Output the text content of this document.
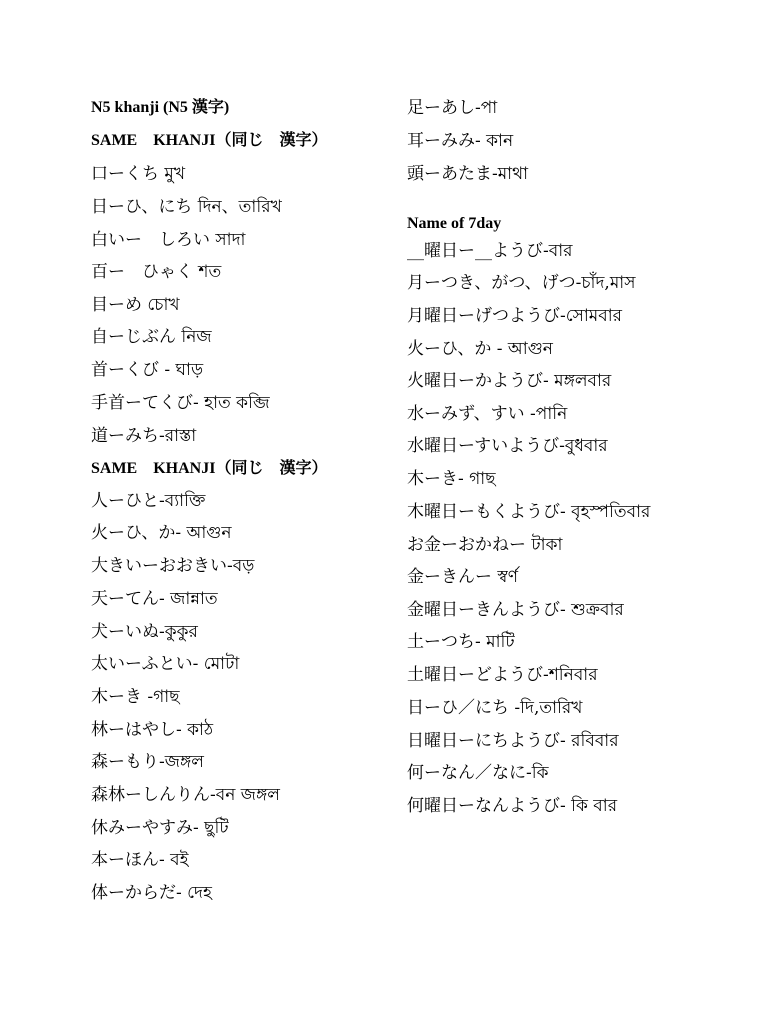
N5 khanji (N5 漢字)
SAME　KHANJI（同じ　漢字）
口ーくち মুখ
日ーひ、にち দিন、তারিখ
白いー　しろい সাদা
百ー　ひゃく শত
目ーめ চোখ
自ーじぶん নিজ
首ーくび - ঘাড়
手首ーてくび- হাত কব্জি
道ーみち-রাস্তা
SAME　KHANJI（同じ　漢字）
人ーひと-ব্যাক্তি
火ーひ、か- আগুন
大きいーおおきい-বড়
天ーてん- জান্নাত
犬ーいぬ-কুকুর
太いーふとい- মোটা
木ーき -গাছ
林ーはやし- কাঠ
森ーもり-জঙ্গল
森林ーしんりん-বন জঙ্গল
休みーやすみ- ছুটি
本ーほん- বই
体ーからだ- দেহ
足ーあし-পা
耳ーみみ- কান
頭ーあたま-মাথা
Name of 7day
__曜日ー__ようび-বার
月ーつき、がつ、げつ-চাঁদ,মাস
月曜日ーげつようび-সোমবার
火ーひ、か - আগুন
火曜日ーかようび- মঙ্গলবার
水ーみず、すい -পানি
水曜日ーすいようび-বুধবার
木ーき- গাছ
木曜日ーもくようび- বৃহস্পতিবার
お金ーおかねー টাকা
金ーきんー স্বর্ণ
金曜日ーきんようび- শুক্রবার
土ーつち- মাটি
土曜日ーどようび-শনিবার
日ーひ／にち -দি,তারিখ
日曜日ーにちようび- রবিবার
何ーなん／なに-কি
何曜日ーなんようび- কি বার
